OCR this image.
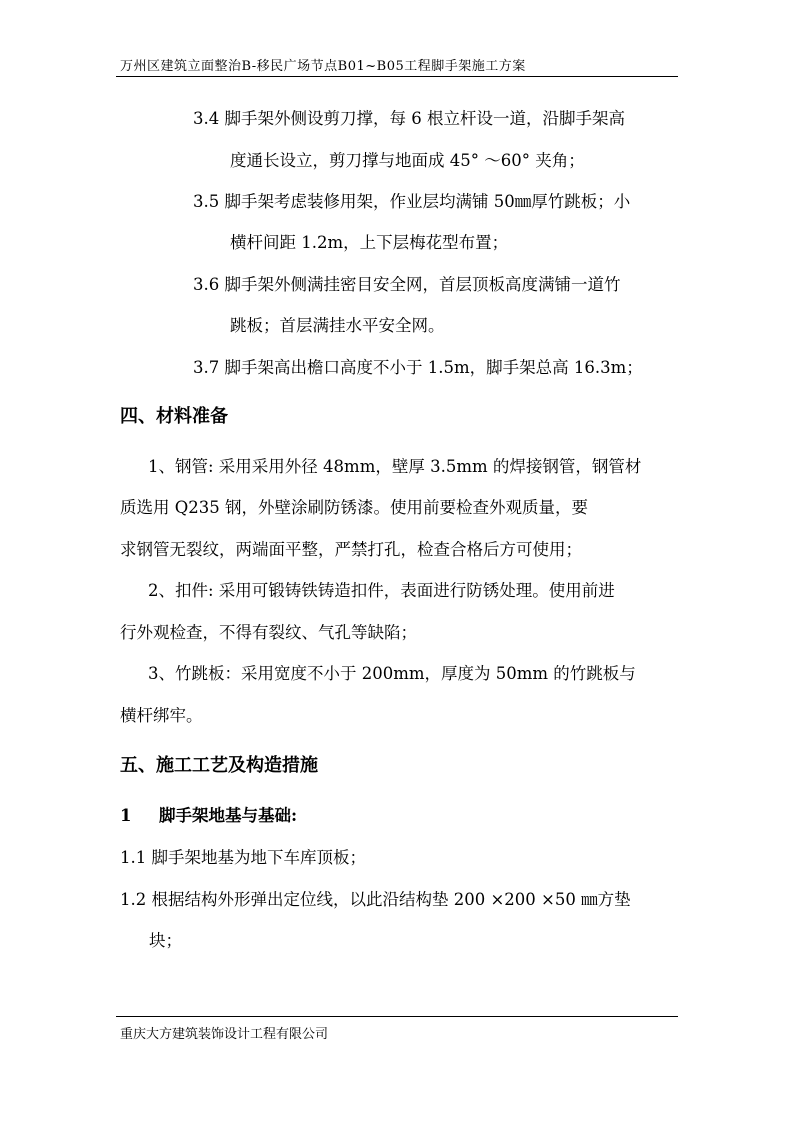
万州区建筑立面整治B-移民广场节点B01~B05工程脚手架施工方案
3.4 脚手架外侧设剪刀撑，每 6 根立杆设一道，沿脚手架高
度通长设立，剪刀撑与地面成 45° ～60° 夹角；
3.5 脚手架考虑装修用架，作业层均满铺 50㎜厚竹跳板；小
横杆间距 1.2m，上下层梅花型布置；
3.6 脚手架外侧满挂密目安全网，首层顶板高度满铺一道竹
跳板；首层满挂水平安全网。
3.7 脚手架高出檐口高度不小于 1.5m，脚手架总高 16.3m；
四、材料准备
1、钢管: 采用采用外径 48mm，壁厚 3.5mm 的焊接钢管，钢管材
质选用 Q235 钢，外壁涂刷防锈漆。使用前要检查外观质量，要
求钢管无裂纹，两端面平整，严禁打孔，检查合格后方可使用；
2、扣件: 采用可锻铸铁铸造扣件，表面进行防锈处理。使用前进
行外观检查，不得有裂纹、气孔等缺陷；
3、竹跳板：采用宽度不小于 200mm，厚度为 50mm 的竹跳板与
横杆绑牢。
五、施工工艺及构造措施
1 脚手架地基与基础:
1.1 脚手架地基为地下车库顶板；
1.2 根据结构外形弹出定位线，以此沿结构垫 200 ×200 ×50 ㎜方垫
块；
重庆大方建筑装饰设计工程有限公司
